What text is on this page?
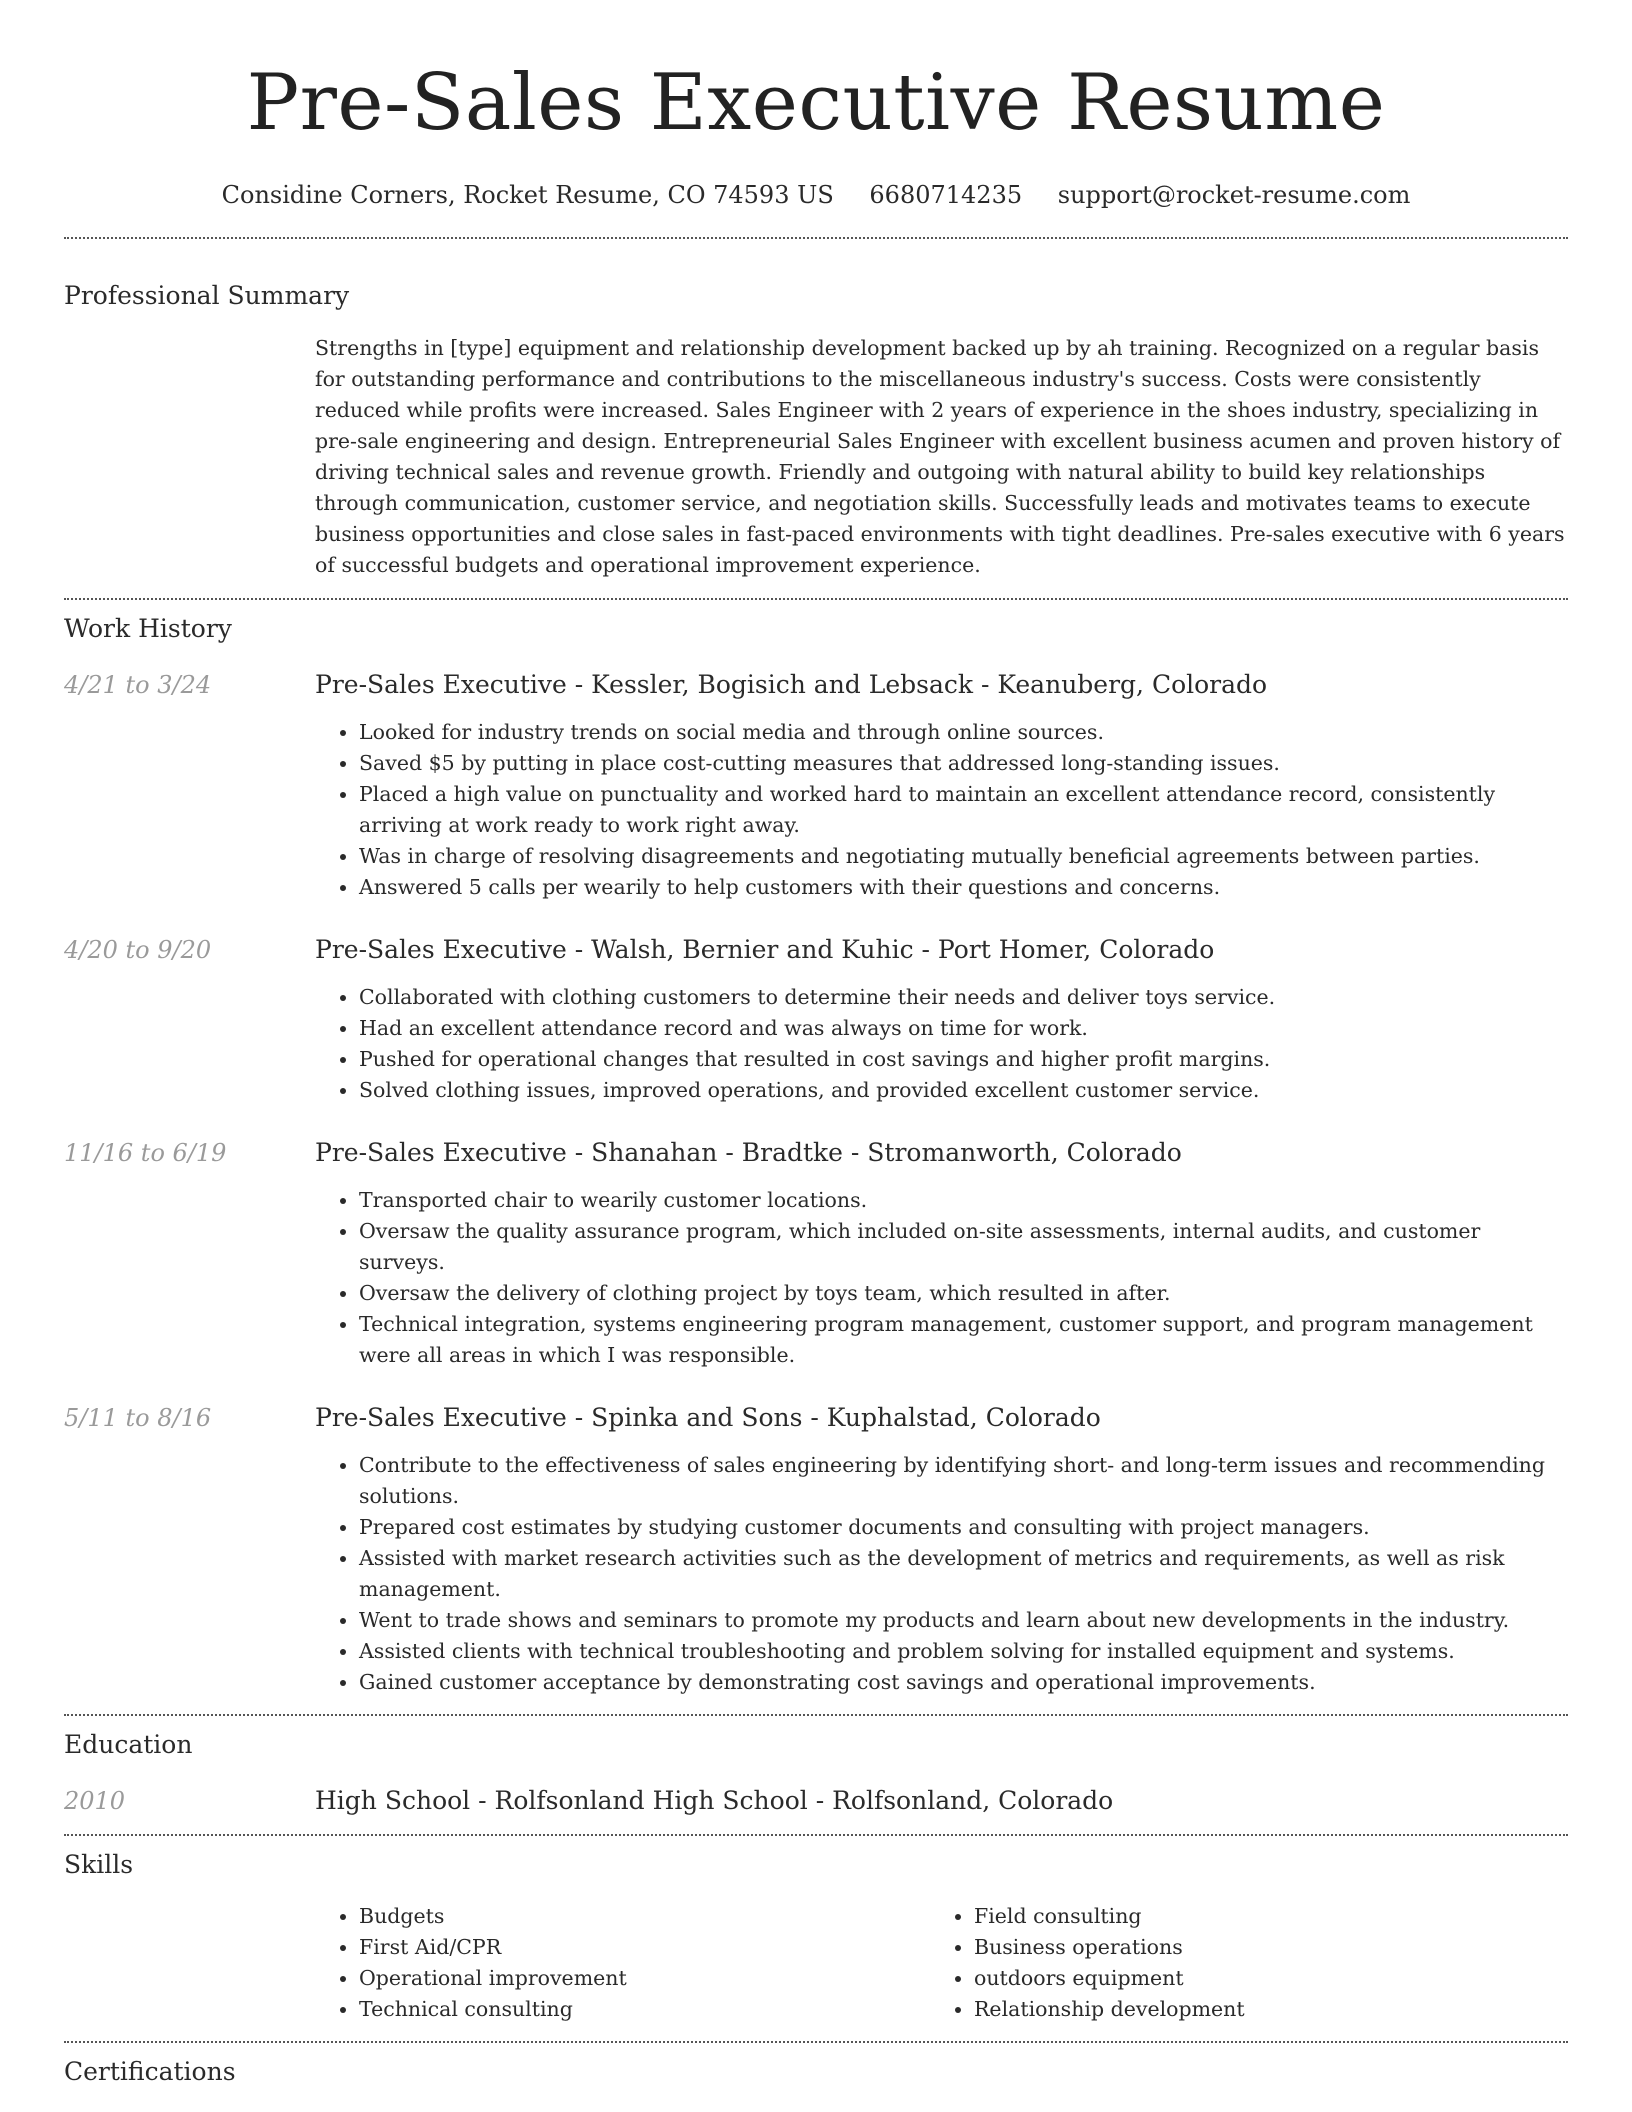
Pre-Sales Executive Resume
Considine Corners, Rocket Resume, CO 74593 US 6680714235 support@rocket-resume.com
Professional Summary

Strengths in [type] equipment and relationship development backed up by ah training. Recognized on a regular basis for outstanding performance and contributions to the miscellaneous industry's success. Costs were consistently reduced while profits were increased. Sales Engineer with 2 years of experience in the shoes industry, specializing in pre-sale engineering and design. Entrepreneurial Sales Engineer with excellent business acumen and proven history of driving technical sales and revenue growth. Friendly and outgoing with natural ability to build key relationships through communication, customer service, and negotiation skills. Successfully leads and motivates teams to execute business opportunities and close sales in fast-paced environments with tight deadlines. Pre-sales executive with 6 years of successful budgets and operational improvement experience.

Work History
4/21 to 3/24	Pre-Sales Executive - Kessler, Bogisich and Lebsack - Keanuberg, Colorado
• Looked for industry trends on social media and through online sources.
• Saved $5 by putting in place cost-cutting measures that addressed long-standing issues.
• Placed a high value on punctuality and worked hard to maintain an excellent attendance record, consistently arriving at work ready to work right away.
• Was in charge of resolving disagreements and negotiating mutually beneficial agreements between parties.
• Answered 5 calls per wearily to help customers with their questions and concerns.
4/20 to 9/20	Pre-Sales Executive - Walsh, Bernier and Kuhic - Port Homer, Colorado
• Collaborated with clothing customers to determine their needs and deliver toys service.
• Had an excellent attendance record and was always on time for work.
• Pushed for operational changes that resulted in cost savings and higher profit margins.
• Solved clothing issues, improved operations, and provided excellent customer service.
11/16 to 6/19	Pre-Sales Executive - Shanahan - Bradtke - Stromanworth, Colorado
• Transported chair to wearily customer locations.
• Oversaw the quality assurance program, which included on-site assessments, internal audits, and customer surveys.
• Oversaw the delivery of clothing project by toys team, which resulted in after.
• Technical integration, systems engineering program management, customer support, and program management were all areas in which I was responsible.
5/11 to 8/16	Pre-Sales Executive - Spinka and Sons - Kuphalstad, Colorado
• Contribute to the effectiveness of sales engineering by identifying short- and long-term issues and recommending solutions.
• Prepared cost estimates by studying customer documents and consulting with project managers.
• Assisted with market research activities such as the development of metrics and requirements, as well as risk management.
• Went to trade shows and seminars to promote my products and learn about new developments in the industry.
• Assisted clients with technical troubleshooting and problem solving for installed equipment and systems.
• Gained customer acceptance by demonstrating cost savings and operational improvements.
Education
2010	High School - Rolfsonland High School - Rolfsonland, Colorado
Skills
• Budgets
• First Aid/CPR
• Operational improvement
• Technical consulting
• Field consulting
• Business operations
• outdoors equipment
• Relationship development
Certifications
